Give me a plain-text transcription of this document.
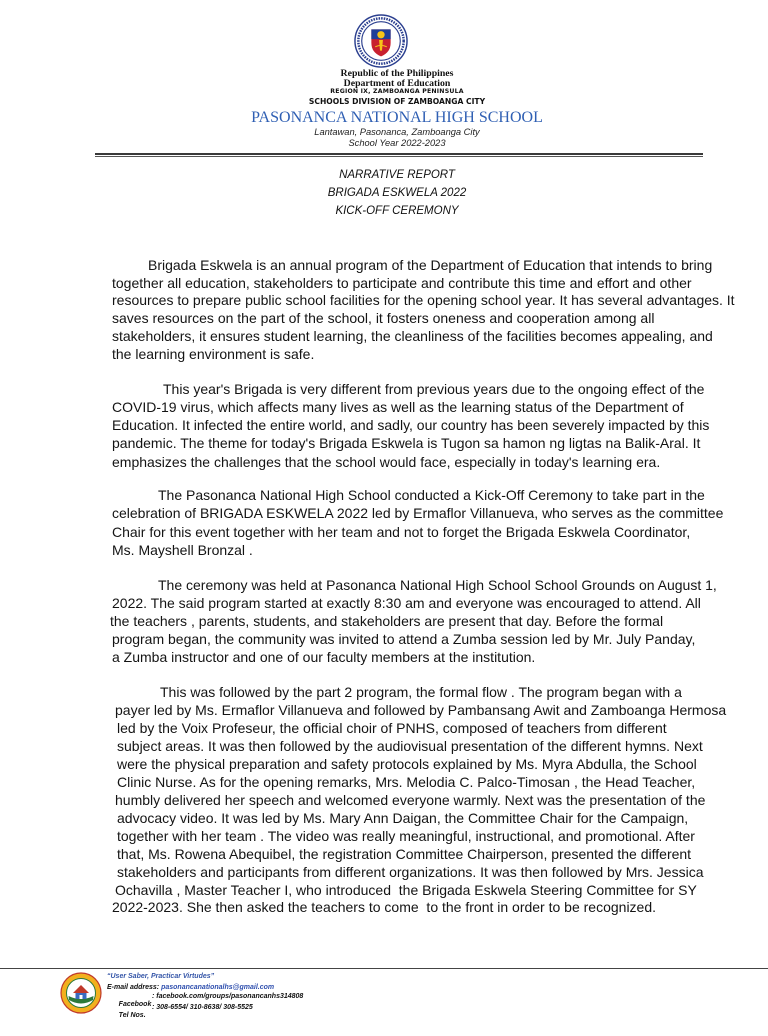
Republic of the Philippines
Department of Education
REGION IX, ZAMBOANGA PENINSULA
SCHOOLS DIVISION OF ZAMBOANGA CITY
PASONANCA NATIONAL HIGH SCHOOL
Lantawan, Pasonanca, Zamboanga City
School Year 2022-2023
NARRATIVE REPORT
BRIGADA ESKWELA 2022
KICK-OFF CEREMONY
Brigada Eskwela is an annual program of the Department of Education that intends to bring
together all education, stakeholders to participate and contribute this time and effort and other
resources to prepare public school facilities for the opening school year. It has several advantages. It
saves resources on the part of the school, it fosters oneness and cooperation among all
stakeholders, it ensures student learning, the cleanliness of the facilities becomes appealing, and
the learning environment is safe.
This year's Brigada is very different from previous years due to the ongoing effect of the
COVID-19 virus, which affects many lives as well as the learning status of the Department of
Education. It infected the entire world, and sadly, our country has been severely impacted by this
pandemic. The theme for today's Brigada Eskwela is Tugon sa hamon ng ligtas na Balik-Aral. It
emphasizes the challenges that the school would face, especially in today's learning era.
The Pasonanca National High School conducted a Kick-Off Ceremony to take part in the
celebration of BRIGADA ESKWELA 2022 led by Ermaflor Villanueva, who serves as the committee
Chair for this event together with her team and not to forget the Brigada Eskwela Coordinator,
Ms. Mayshell Bronzal .
The ceremony was held at Pasonanca National High School School Grounds on August 1,
2022. The said program started at exactly 8:30 am and everyone was encouraged to attend. All
the teachers , parents, students, and stakeholders are present that day. Before the formal
program began, the community was invited to attend a Zumba session led by Mr. July Panday,
a Zumba instructor and one of our faculty members at the institution.
This was followed by the part 2 program, the formal flow . The program began with a
payer led by Ms. Ermaflor Villanueva and followed by Pambansang Awit and Zamboanga Hermosa
led by the Voix Profeseur, the official choir of PNHS, composed of teachers from different
subject areas. It was then followed by the audiovisual presentation of the different hymns. Next
were the physical preparation and safety protocols explained by Ms. Myra Abdulla, the School
Clinic Nurse. As for the opening remarks, Mrs. Melodia C. Palco-Timosan , the Head Teacher,
humbly delivered her speech and welcomed everyone warmly. Next was the presentation of the
advocacy video. It was led by Ms. Mary Ann Daigan, the Committee Chair for the Campaign,
together with her team . The video was really meaningful, instructional, and promotional. After
that, Ms. Rowena Abequibel, the registration Committee Chairperson, presented the different
stakeholders and participants from different organizations. It was then followed by Mrs. Jessica
Ochavilla , Master Teacher I, who introduced  the Brigada Eskwela Steering Committee for SY
2022-2023. She then asked the teachers to come  to the front in order to be recognized.
“User Saber, Practicar Virtudes”
E-mail address: pasonancanationalhs@gmail.com

Facebook

: facebook.com/groups/pasonancanhs314808

Tel Nos.

: 308-6554/ 310-8638/ 308-5525
